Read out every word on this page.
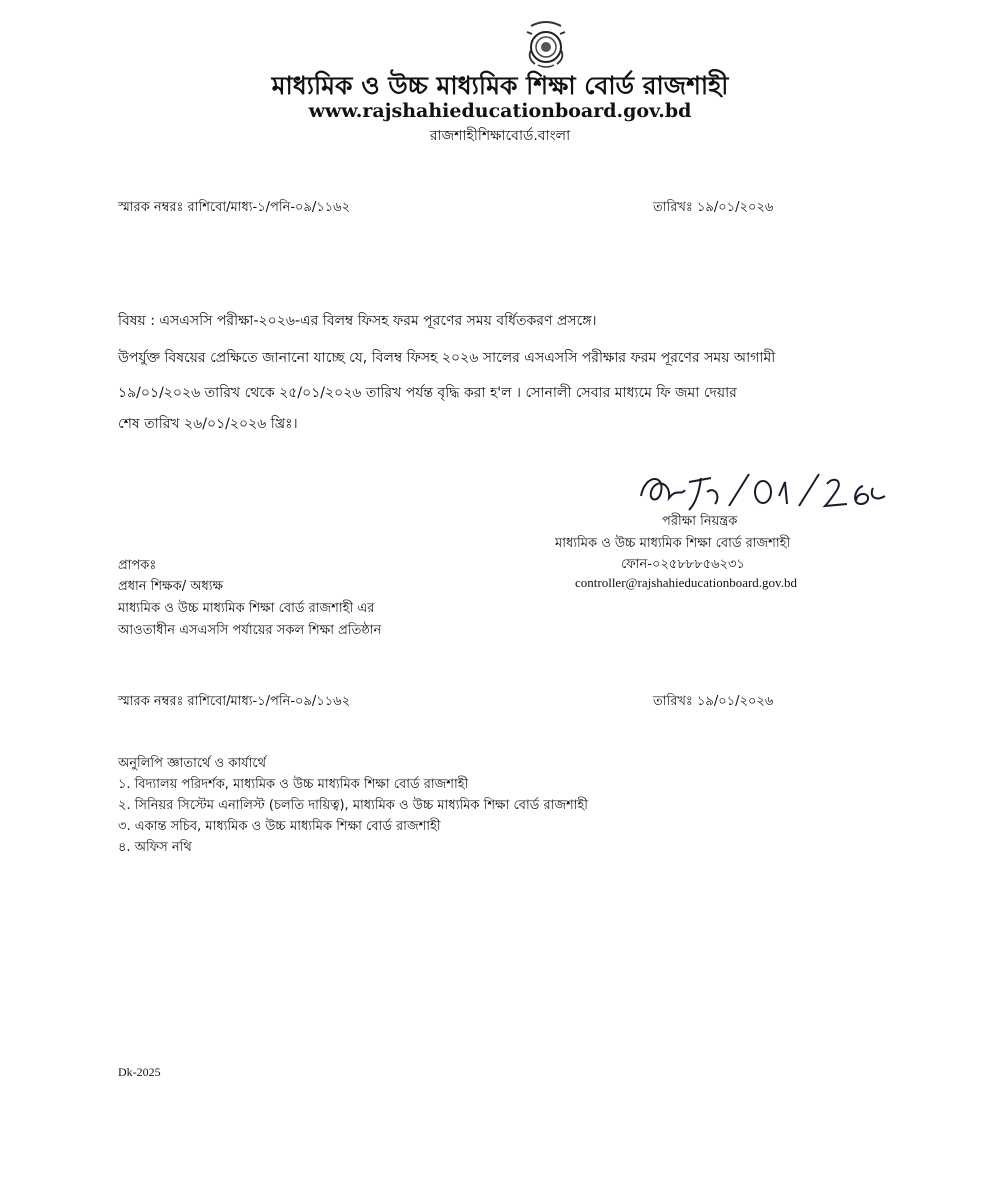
মাধ্যমিক ও উচ্চ মাধ্যমিক শিক্ষা বোর্ড রাজশাহী
www.rajshahieducationboard.gov.bd
রাজশাহীশিক্ষাবোর্ড.বাংলা
স্মারক নম্বরঃ রাশিবো/মাধ্য-১/পনি-০৯/১১৬২	তারিখঃ ১৯/০১/২০২৬
বিষয় : এসএসসি পরীক্ষা-২০২৬-এর বিলম্ব ফিসহ ফরম পূরণের সময় বর্ধিতকরণ প্রসঙ্গে।
উপর্যুক্ত বিষয়ের প্রেক্ষিতে জানানো যাচ্ছে যে, বিলম্ব ফিসহ ২০২৬ সালের এসএসসি পরীক্ষার ফরম পূরণের সময় আগামী
১৯/০১/২০২৬ তারিখ থেকে ২৫/০১/২০২৬ তারিখ পর্যন্ত বৃদ্ধি করা হ'ল । সোনালী সেবার মাধ্যমে ফি জমা দেয়ার
শেষ তারিখ ২৬/০১/২০২৬ খ্রিঃ।
পরীক্ষা নিয়ন্ত্রক
মাধ্যমিক ও উচ্চ মাধ্যমিক শিক্ষা বোর্ড রাজশাহী
ফোন-০২৫৮৮৮৫৬২৩১
controller@rajshahieducationboard.gov.bd
প্রাপকঃ
প্রধান শিক্ষক/ অধ্যক্ষ
মাধ্যমিক ও উচ্চ মাধ্যমিক শিক্ষা বোর্ড রাজশাহী এর
আওতাধীন এসএসসি পর্যায়ের সকল শিক্ষা প্রতিষ্ঠান
স্মারক নম্বরঃ রাশিবো/মাধ্য-১/পনি-০৯/১১৬২	তারিখঃ ১৯/০১/২০২৬
অনুলিপি জ্ঞাতার্থে ও কার্যার্থে
১. বিদ্যালয় পরিদর্শক, মাধ্যমিক ও উচ্চ মাধ্যমিক শিক্ষা বোর্ড রাজশাহী
২. সিনিয়র সিস্টেম এনালিস্ট (চলতি দায়িত্ব), মাধ্যমিক ও উচ্চ মাধ্যমিক শিক্ষা বোর্ড রাজশাহী
৩. একান্ত সচিব, মাধ্যমিক ও উচ্চ মাধ্যমিক শিক্ষা বোর্ড রাজশাহী
৪. অফিস নথি
Dk-2025
